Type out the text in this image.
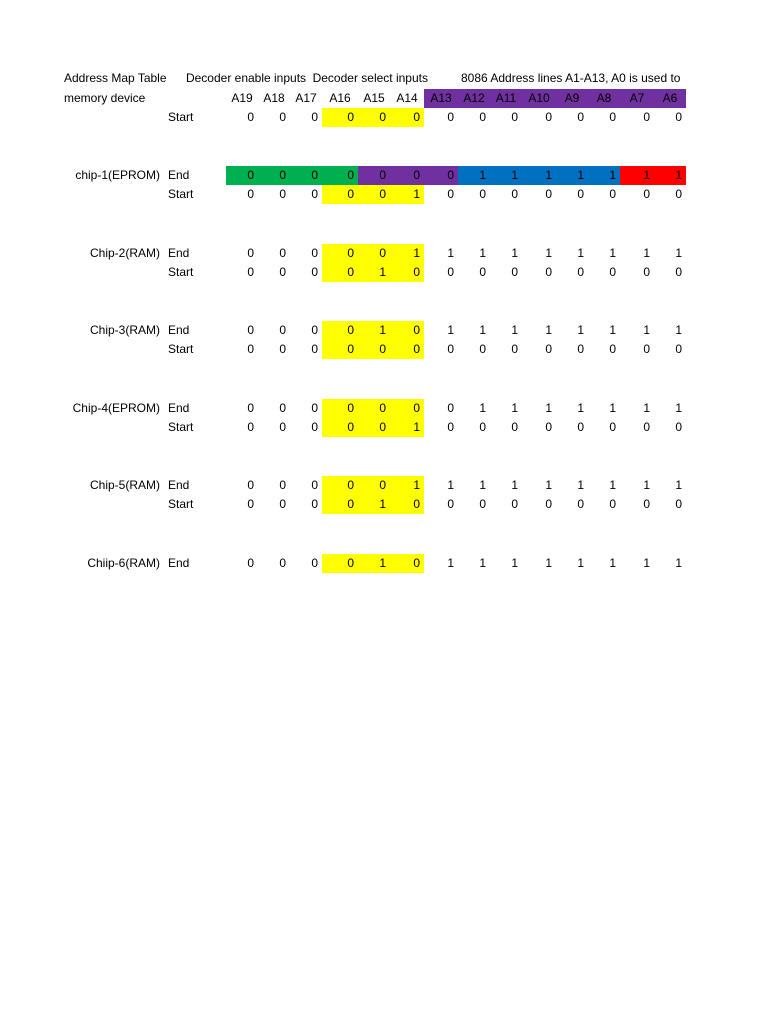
Address Map Table
memory device
Decoder enable inputs Decoder select inputs	8086 Address lines A1-A13, A0 is used to
A19 A18 A17	A16	A15 A14	A13 A12 A11	A10	A9	A8	A7	A6
Start	0	0	0	0	0	0	0	0	0	0	0	0	0	0
chip-1(EPROM) End	0	0	0	0	0	0	0	1	1	1	1	1	1	1
Start	0	0	0	0	0	1	0	0	0	0	0	0	0	0
Chip-2(RAM) End	0	0	0	0	0	1	1	1	1	1	1	1	1	1
Start	0	0	0	0	1	0	0	0	0	0	0	0	0	0
Chip-3(RAM) End	0	0	0	0	1	0	1	1	1	1	1	1	1	1
Start	0	0	0	0	0	0	0	0	0	0	0	0	0	0
Chip-4(EPROM) End	0	0	0	0	0	0	0	1	1	1	1	1	1	1
Start	0	0	0	0	0	1	0	0	0	0	0	0	0	0
Chip-5(RAM) End	0	0	0	0	0	1	1	1	1	1	1	1	1	1
Start	0	0	0	0	1	0	0	0	0	0	0	0	0	0
Chiip-6(RAM) End	0	0	0	0	1	0	1	1	1	1	1	1	1	1
